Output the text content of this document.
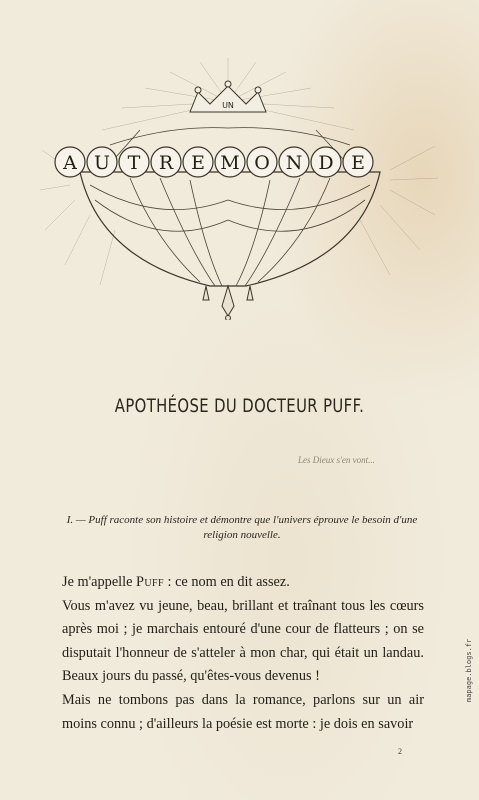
UN
A U T R E M O N D E
APOTHÉOSE DU DOCTEUR PUFF.
Les Dieux s'en vont...
I. — Puff raconte son histoire et démontre que l'univers éprouve le besoin d'une religion nouvelle.

Je m'appelle Puff : ce nom en dit assez.

Vous m'avez vu jeune, beau, brillant et traînant tous les cœurs après moi ; je marchais entouré d'une cour de flatteurs ; on se disputait l'honneur de s'atteler à mon char, qui était un landau. Beaux jours du passé, qu'êtes-vous devenus !

Mais ne tombons pas dans la romance, parlons sur un air moins connu ; d'ailleurs la poésie est morte : je dois en savoir

2
mapage.blogs.fr
